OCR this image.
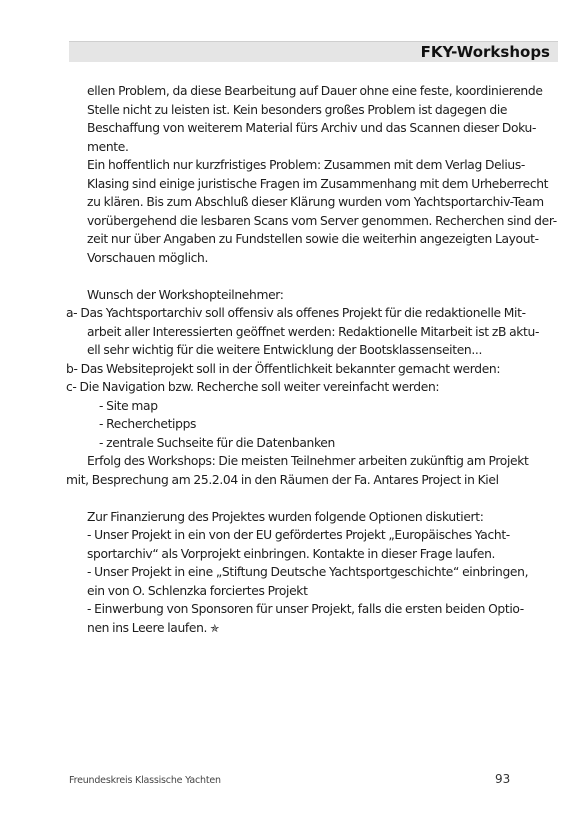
FKY-Workshops
ellen Problem, da diese Bearbeitung auf Dauer ohne eine feste, koordinierende
Stelle nicht zu leisten ist. Kein besonders großes Problem ist dagegen die
Beschaffung von weiterem Material fürs Archiv und das Scannen dieser Doku-
mente.
Ein hoffentlich nur kurzfristiges Problem: Zusammen mit dem Verlag Delius-
Klasing sind einige juristische Fragen im Zusammenhang mit dem Urheberrecht
zu klären. Bis zum Abschluß dieser Klärung wurden vom Yachtsportarchiv-Team
vorübergehend die lesbaren Scans vom Server genommen. Recherchen sind der-
zeit nur über Angaben zu Fundstellen sowie die weiterhin angezeigten Layout-
Vorschauen möglich.
Wunsch der Workshopteilnehmer:
a- Das Yachtsportarchiv soll offensiv als offenes Projekt für die redaktionelle Mit-
arbeit aller Interessierten geöffnet werden: Redaktionelle Mitarbeit ist zB aktu-
ell sehr wichtig für die weitere Entwicklung der Bootsklassenseiten...
b- Das Websiteprojekt soll in der Öffentlichkeit bekannter gemacht werden:
c- Die Navigation bzw. Recherche soll weiter vereinfacht werden:
- Site map
- Recherchetipps
- zentrale Suchseite für die Datenbanken
Erfolg des Workshops: Die meisten Teilnehmer arbeiten zukünftig am Projekt
mit, Besprechung am 25.2.04 in den Räumen der Fa. Antares Project in Kiel
Zur Finanzierung des Projektes wurden folgende Optionen diskutiert:
- Unser Projekt in ein von der EU gefördertes Projekt „Europäisches Yacht-
sportarchiv“ als Vorprojekt einbringen. Kontakte in dieser Frage laufen.
- Unser Projekt in eine „Stiftung Deutsche Yachtsportgeschichte“ einbringen,
ein von O. Schlenzka forciertes Projekt
- Einwerbung von Sponsoren für unser Projekt, falls die ersten beiden Optio-
nen ins Leere laufen. ✯
Freundeskreis Klassische Yachten	93
